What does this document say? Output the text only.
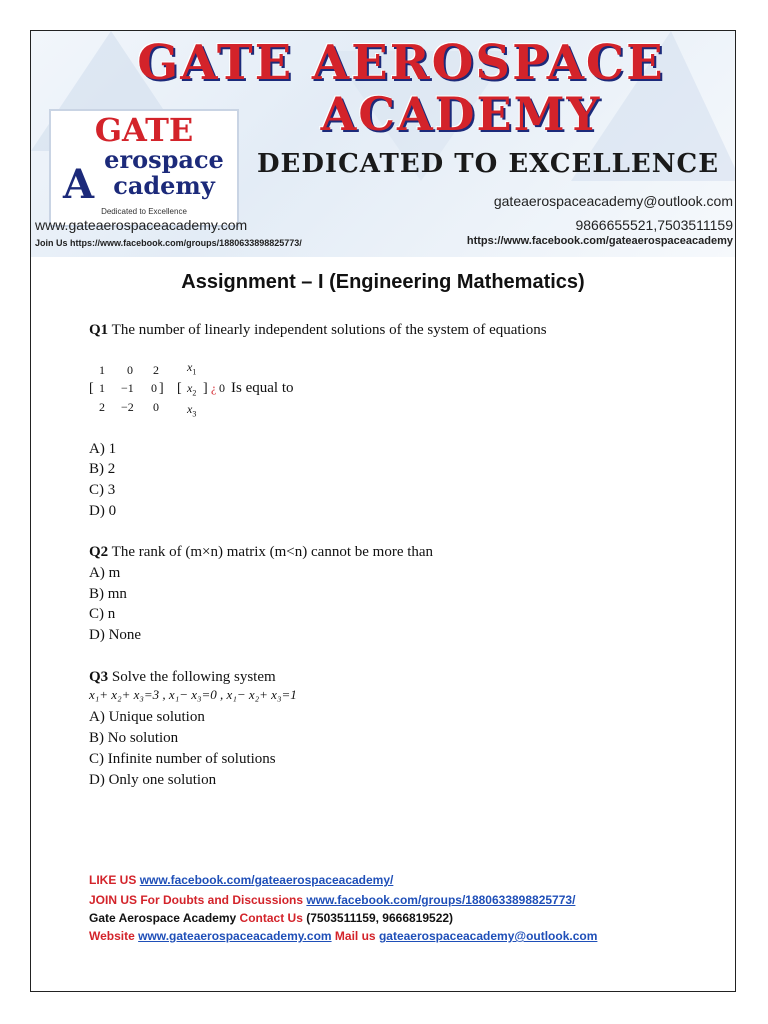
GATE AEROSPACE
ACADEMY
GATE
A
erospace
cademy
Dedicated to Excellence
DEDICATED TO EXCELLENCE
gateaerospaceacademy@outlook.com
www.gateaerospaceacademy.com	9866655521,7503511159
Join Us https://www.facebook.com/groups/1880633898825773/	https://www.facebook.com/gateaerospaceacademy
Assignment – I (Engineering Mathematics)
Q1 The number of linearly independent solutions of the system of equations
1 0 2
[ 1 −1 0 ]
2 −2 0
$x_1$
[ $x_2$ ] ¿ 0 Is equal to
$x_3$
A) 1
B) 2
C) 3
D) 0
Q2 The rank of (m×n) matrix (m<n) cannot be more than
A) m
B) mn
C) n
D) None
Q3 Solve the following system
x₁+ x₂+ x₃=3 , x₁− x₃=0 , x₁− x₂+ x₃=1
A) Unique solution
B) No solution
C) Infinite number of solutions
D) Only one solution
LIKE US www.facebook.com/gateaerospaceacademy/
JOIN US For Doubts and Discussions www.facebook.com/groups/1880633898825773/
Gate Aerospace Academy Contact Us (7503511159, 9666819522)
Website www.gateaerospaceacademy.com Mail us gateaerospaceacademy@outlook.com
